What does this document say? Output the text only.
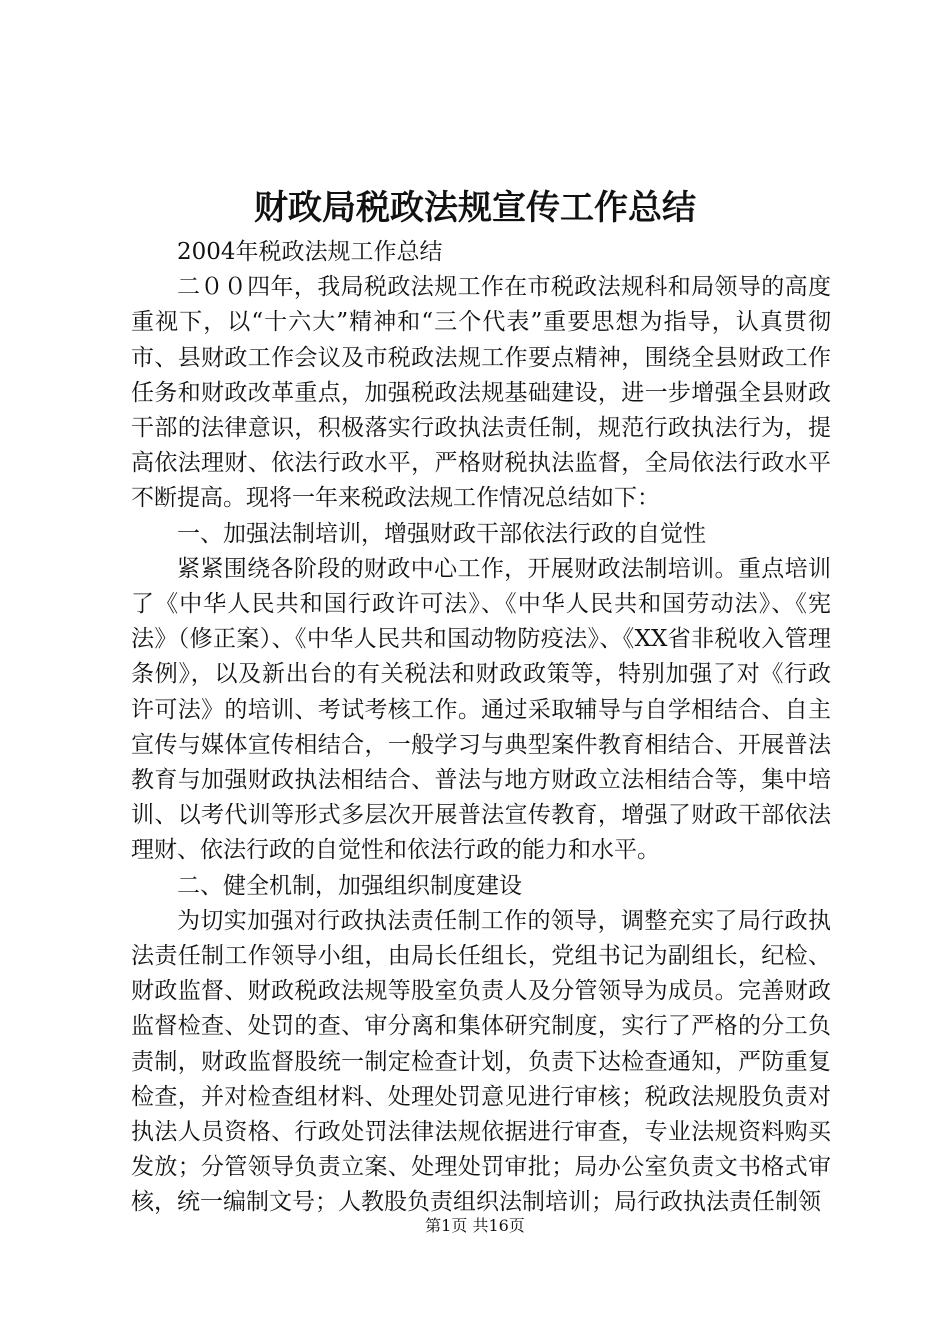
财政局税政法规宣传工作总结

2004年税政法规工作总结

二００四年，我局税政法规工作在市税政法规科和局领导的高度重视下，以“十六大”精神和“三个代表”重要思想为指导，认真贯彻市、县财政工作会议及市税政法规工作要点精神，围绕全县财政工作任务和财政改革重点，加强税政法规基础建设，进一步增强全县财政干部的法律意识，积极落实行政执法责任制，规范行政执法行为，提高依法理财、依法行政水平，严格财税执法监督，全局依法行政水平不断提高。现将一年来税政法规工作情况总结如下：

一、加强法制培训，增强财政干部依法行政的自觉性

紧紧围绕各阶段的财政中心工作，开展财政法制培训。重点培训了《中华人民共和国行政许可法》、《中华人民共和国劳动法》、《宪法》（修正案）、《中华人民共和国动物防疫法》、《XX省非税收入管理条例》，以及新出台的有关税法和财政政策等，特别加强了对《行政许可法》的培训、考试考核工作。通过采取辅导与自学相结合、自主宣传与媒体宣传相结合，一般学习与典型案件教育相结合、开展普法教育与加强财政执法相结合、普法与地方财政立法相结合等，集中培训、以考代训等形式多层次开展普法宣传教育，增强了财政干部依法理财、依法行政的自觉性和依法行政的能力和水平。

二、健全机制，加强组织制度建设

为切实加强对行政执法责任制工作的领导，调整充实了局行政执法责任制工作领导小组，由局长任组长，党组书记为副组长，纪检、财政监督、财政税政法规等股室负责人及分管领导为成员。完善财政监督检查、处罚的查、审分离和集体研究制度，实行了严格的分工负责制，财政监督股统一制定检查计划，负责下达检查通知，严防重复检查，并对检查组材料、处理处罚意见进行审核；税政法规股负责对执法人员资格、行政处罚法律法规依据进行审查，专业法规资料购买发放；分管领导负责立案、处理处罚审批；局办公室负责文书格式审核，统一编制文号；人教股负责组织法制培训；局行政执法责任制领

第1页 共16页
